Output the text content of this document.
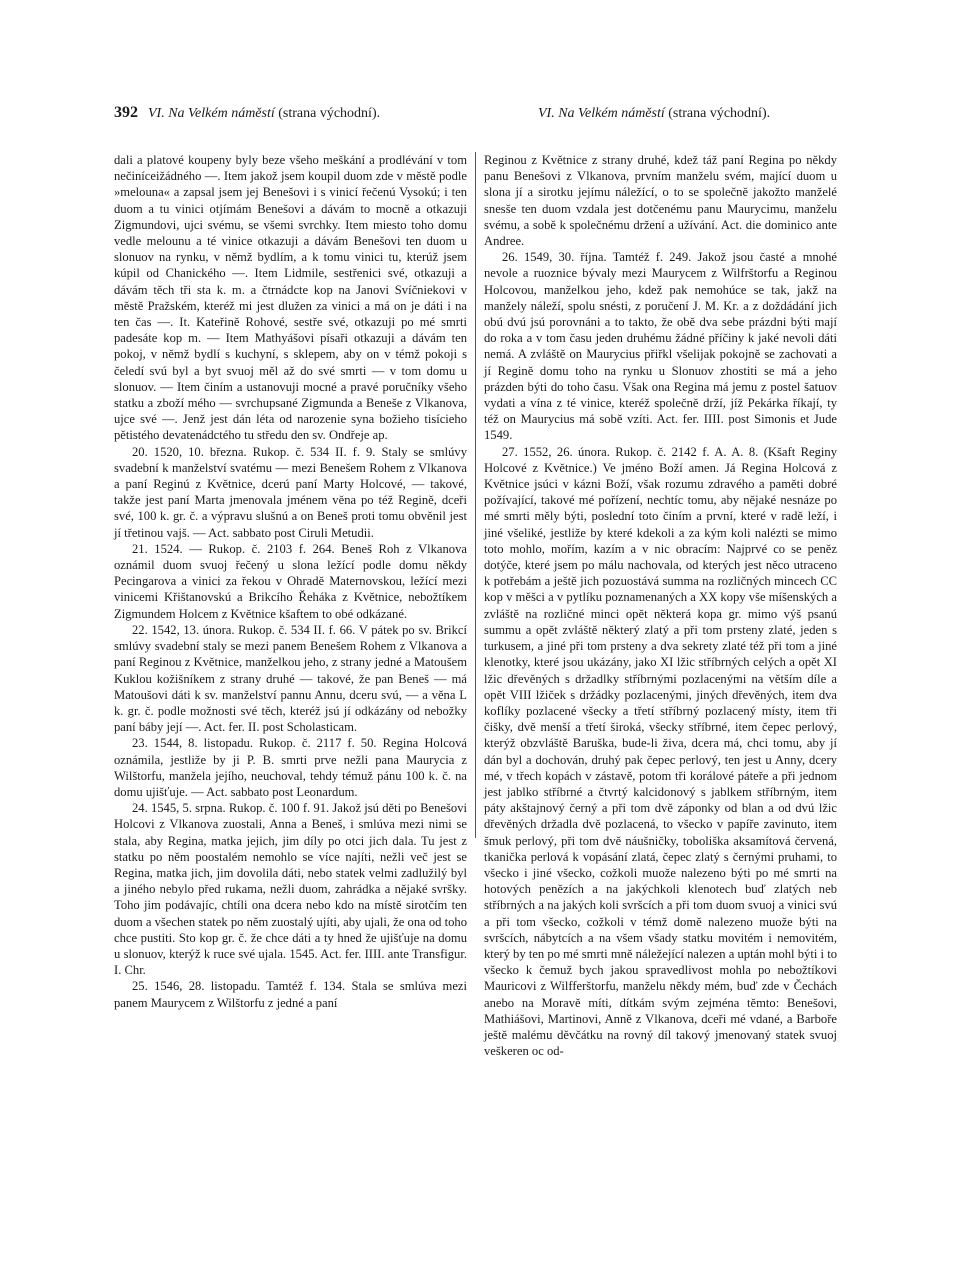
392 VI. Na Velkém náměstí (strana východní).	VI. Na Velkém náměstí (strana východní).

dali a platové koupeny byly beze všeho meškání a prodlévání v tom nečiníceižádného —. Item jakož jsem koupil duom zde v městě podle »melouna« a zapsal jsem jej Benešovi i s vinicí řečenú Vysokú; i ten duom a tu vinici otjímám Benešovi a dávám to mocně a otkazuji Zigmundovi, ujci svému, se všemi svrchky. Item miesto toho domu vedle melounu a té vinice otkazuji a dávám Benešovi ten duom u slonuov na rynku, v němž bydlím, a k tomu vinici tu, kterúž jsem kúpil od Chanického —. Item Lidmile, sestřenici své, otkazuji a dávám těch tři sta k. m. a čtrnádcte kop na Janovi Svíčniekovi v městě Pražském, kteréž mi jest dlužen za vinici a má on je dáti i na ten čas —. It. Kateřině Rohové, sestře své, otkazuji po mé smrti padesáte kop m. — Item Mathyášovi písaři otkazuji a dávám ten pokoj, v němž bydlí s kuchyní, s sklepem, aby on v témž pokoji s čeledí svú byl a byt svuoj měl až do své smrti — v tom domu u slonuov. — Item činím a ustanovuji mocné a pravé poručníky všeho statku a zboží mého — svrchupsané Zigmunda a Beneše z Vlkanova, ujce své —. Jenž jest dán léta od narozenie syna božieho tisícieho pětistého devatenádctého tu středu den sv. Ondřeje ap.

20. 1520, 10. března. Rukop. č. 534 II. f. 9. Staly se smlúvy svadební k manželství svatému — mezi Benešem Rohem z Vlkanova a paní Reginú z Květnice, dcerú paní Marty Holcové, — takové, takže jest paní Marta jmenovala jménem věna po též Regině, dceři své, 100 k. gr. č. a výpravu slušnú a on Beneš proti tomu obvěnil jest jí třetinou vajš. — Act. sabbato post Ciruli Metudii.

21. 1524. — Rukop. č. 2103 f. 264. Beneš Roh z Vlkanova oznámil duom svuoj řečený u slona ležící podle domu někdy Pecingarova a vinici za řekou v Ohradě Maternovskou, ležící mezi vinicemi Křištanovskú a Brikcího Řeháka z Květnice, nebožtíkem Zigmundem Holcem z Květnice kšaftem to obé odkázané.

22. 1542, 13. února. Rukop. č. 534 II. f. 66. V pátek po sv. Brikcí smlúvy svadební staly se mezi panem Benešem Rohem z Vlkanova a paní Reginou z Květnice, manželkou jeho, z strany jedné a Matoušem Kuklou kožišníkem z strany druhé — takové, že pan Beneš — má Matoušovi dáti k sv. manželství pannu Annu, dceru svú, — a věna L k. gr. č. podle možnosti své těch, kteréž jsú jí odkázány od nebožky paní báby její —. Act. fer. II. post Scholasticam.

23. 1544, 8. listopadu. Rukop. č. 2117 f. 50. Regina Holcová oznámila, jestliže by ji P. B. smrti prve nežli pana Maurycia z Wilštorfu, manžela jejího, neuchoval, tehdy témuž pánu 100 k. č. na domu ujišťuje. — Act. sabbato post Leonardum.

24. 1545, 5. srpna. Rukop. č. 100 f. 91. Jakož jsú děti po Benešovi Holcovi z Vlkanova zuostali, Anna a Beneš, i smlúva mezi nimi se stala, aby Regina, matka jejich, jim díly po otci jich dala. Tu jest z statku po něm poostalém nemohlo se více najíti, nežli več jest se Regina, matka jich, jim dovolila dáti, nebo statek velmi zadlužilý byl a jiného nebylo před rukama, nežli duom, zahrádka a nějaké svršky. Toho jim podávajíc, chtíli ona dcera nebo kdo na místě sirotčím ten duom a všechen statek po něm zuostalý ujíti, aby ujali, že ona od toho chce pustiti. Sto kop gr. č. že chce dáti a ty hned že ujišťuje na domu u slonuov, kterýž k ruce své ujala. 1545. Act. fer. IIII. ante Transfigur. I. Chr.

25. 1546, 28. listopadu. Tamtéž f. 134. Stala se smlúva mezi panem Maurycem z Wilštorfu z jedné a paní

Reginou z Květnice z strany druhé, kdež táž paní Regina po někdy panu Benešovi z Vlkanova, prvním manželu svém, mající duom u slona jí a sirotku jejímu náležící, o to se společně jakožto manželé snesše ten duom vzdala jest dotčenému panu Maurycimu, manželu svému, a sobě k společnému držení a užívání. Act. die dominico ante Andree.

26. 1549, 30. října. Tamtéž f. 249. Jakož jsou časté a mnohé nevole a ruoznice bývaly mezi Maurycem z Wilfrštorfu a Reginou Holcovou, manželkou jeho, kdež pak nemohúce se tak, jakž na manžely náleží, spolu snésti, z poručení J. M. Kr. a z doždádání jich obú dvú jsú porovnáni a to takto, že obě dva sebe prázdni býti mají do roka a v tom času jeden druhému žádné příčiny k jaké nevoli dáti nemá. A zvláště on Maurycius přiřkl všelijak pokojně se zachovati a jí Regině domu toho na rynku u Slonuov zhostiti se má a jeho prázden býti do toho času. Však ona Regina má jemu z postel šatuov vydati a vína z té vinice, kteréž společně drží, jíž Pekárka říkají, ty též on Maurycius má sobě vzíti. Act. fer. IIII. post Simonis et Jude 1549.

27. 1552, 26. února. Rukop. č. 2142 f. A. A. 8. (Kšaft Reginy Holcové z Květnice.) Ve jméno Boží amen. Já Regina Holcová z Květnice jsúci v kázni Boží, však rozumu zdravého a paměti dobré požívající, takové mé pořízení, nechtíc tomu, aby nějaké nesnáze po mé smrti měly býti, poslední toto činím a první, které v radě leží, i jiné všeliké, jestliže by které kdekoli a za kým koli nalézti se mimo toto mohlo, mořím, kazím a v nic obracím: Najprvé co se peněz dotýče, které jsem po málu nachovala, od kterých jest něco utraceno k potřebám a ještě jich pozuostává summa na rozličných mincech CC kop v měšci a v pytlíku poznamenaných a XX kopy vše míšenských a zvláště na rozličné minci opět některá kopa gr. mimo výš psanú summu a opět zvláště některý zlatý a při tom prsteny zlaté, jeden s turkusem, a jiné při tom prsteny a dva sekrety zlaté též při tom a jiné klenotky, které jsou ukázány, jako XI lžic stříbrných celých a opět XI lžic dřevěných s držadlky stříbrnými pozlacenými na větším díle a opět VIII lžiček s držádky pozlacenými, jiných dřevěných, item dva koflíky pozlacené všecky a třetí stříbrný pozlacený místy, item tři čišky, dvě menší a třetí široká, všecky stříbrné, item čepec perlový, kterýž obzvláště Baruška, bude-li živa, dcera má, chci tomu, aby jí dán byl a dochován, druhý pak čepec perlový, ten jest u Anny, dcery mé, v třech kopách v zástavě, potom tři korálové páteře a při jednom jest jablko stříbrné a čtvrtý kalcidonový s jablkem stříbrným, item páty akštajnový černý a při tom dvě záponky od blan a od dvú lžic dřevěných držadla dvě pozlacená, to všecko v papíře zavinuto, item šmuk perlový, při tom dvě náušničky, toboliška aksamítová červená, tkanička perlová k vopásání zlatá, čepec zlatý s černými pruhami, to všecko i jiné všecko, cožkoli muože nalezeno býti po mé smrti na hotových penězích a na jakýchkoli klenotech buď zlatých neb stříbrných a na jakých koli svršcích a při tom duom svuoj a vinici svú a při tom všecko, cožkoli v témž domě nalezeno muože býti na svršcích, nábytcích a na všem všady statku movitém i nemovitém, který by ten po mé smrti mně náležející nalezen a uptán mohl býti i to všecko k čemuž bych jakou spravedlivost mohla po nebožtíkovi Mauricovi z Wilfferštorfu, manželu někdy mém, buď zde v Čechách anebo na Moravě míti, dítkám svým zejména těmto: Benešovi, Mathiášovi, Martinovi, Anně z Vlkanova, dceři mé vdané, a Barboře ještě malému děvčátku na rovný díl takový jmenovaný statek svuoj veškeren oc od-
